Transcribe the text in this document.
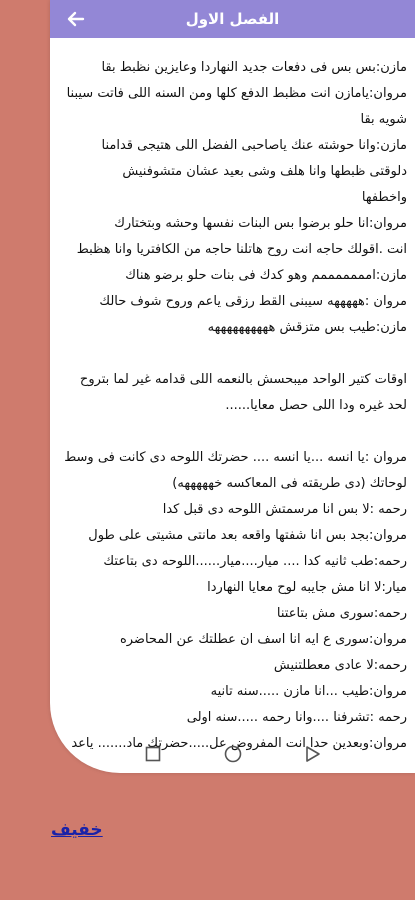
الفصل الاول
مازن:بس بس فى دفعات جديد النهاردا وعايزين نظبط بقا
مروان:يامازن انت مظبط الدفع كلها ومن السنه اللى فاتت سيبنا
شويه بقا
مازن:وانا حوشته عنك ياصاحبى الفضل اللى هتيجى قدامنا
دلوقتى ظبطها وانا هلف وشى بعيد عشان متشوفنيش
واخطفها
مروان:انا حلو برضوا بس البنات نفسها وحشه وبتختارك
انت .اقولك حاجه انت روح هاتلنا حاجه من الكافتريا وانا هظبط
مازن:امممممممم وهو كدك فى بنات حلو برضو هناك
مروان :هههههه سيبنى القط رزقى ياعم وروح شوف حالك
مازن:طيب بس متزقش ههههههههههه

اوقات كتير الواحد ميبحسش بالنعمه اللى قدامه غير لما بتروح
لحد غيره ودا اللى حصل معايا......

مروان :يا انسه ...يا انسه .... حضرتك اللوحه دى كانت فى وسط
لوحاتك (دى طريقته فى المعاكسه خهههههه)
رحمه :لا بس انا مرسمتش اللوحه دى قبل كدا
مروان:بجد بس انا شفتها واقعه بعد مانتى مشيتى على طول
رحمه:طب ثانيه كدا .... ميار....ميار......اللوحه دى بتاعتك
ميار:لا انا مش جايبه لوح معايا النهاردا
رحمه:سورى مش بتاعتنا
مروان:سورى ع ايه انا اسف ان عطلتك عن المحاضره
رحمه:لا عادى معطلتنيش
مروان:طيب ...انا مازن .....سنه تانيه
رحمه :تشرفنا ....وانا رحمه .....سنه اولى
مروان:وبعدين حدا انت المفروض عل.....حضرتك ماد....... ياعد
خفيف
